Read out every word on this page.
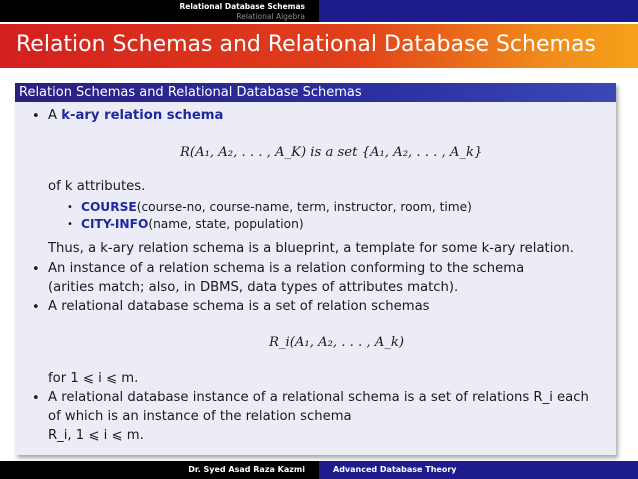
Relational Database Schemas
Relational Algebra
Relation Schemas and Relational Database Schemas
Relation Schemas and Relational Database Schemas
• A k-ary relation schema
R(A₁, A₂, . . . , A_K) is a set {A₁, A₂, . . . , A_k}
of k attributes.
• COURSE(course-no, course-name, term, instructor, room, time)
• CITY-INFO(name, state, population)
Thus, a k-ary relation schema is a blueprint, a template for some k-ary relation.
• An instance of a relation schema is a relation conforming to the schema
(arities match; also, in DBMS, data types of attributes match).
• A relational database schema is a set of relation schemas
R_i(A₁, A₂, . . . , A_k)
for 1 ⩽ i ⩽ m.
• A relational database instance of a relational schema is a set of relations R_i each
of which is an instance of the relation schema
R_i, 1 ⩽ i ⩽ m.
Dr. Syed Asad Raza Kazmi	Advanced Database Theory
